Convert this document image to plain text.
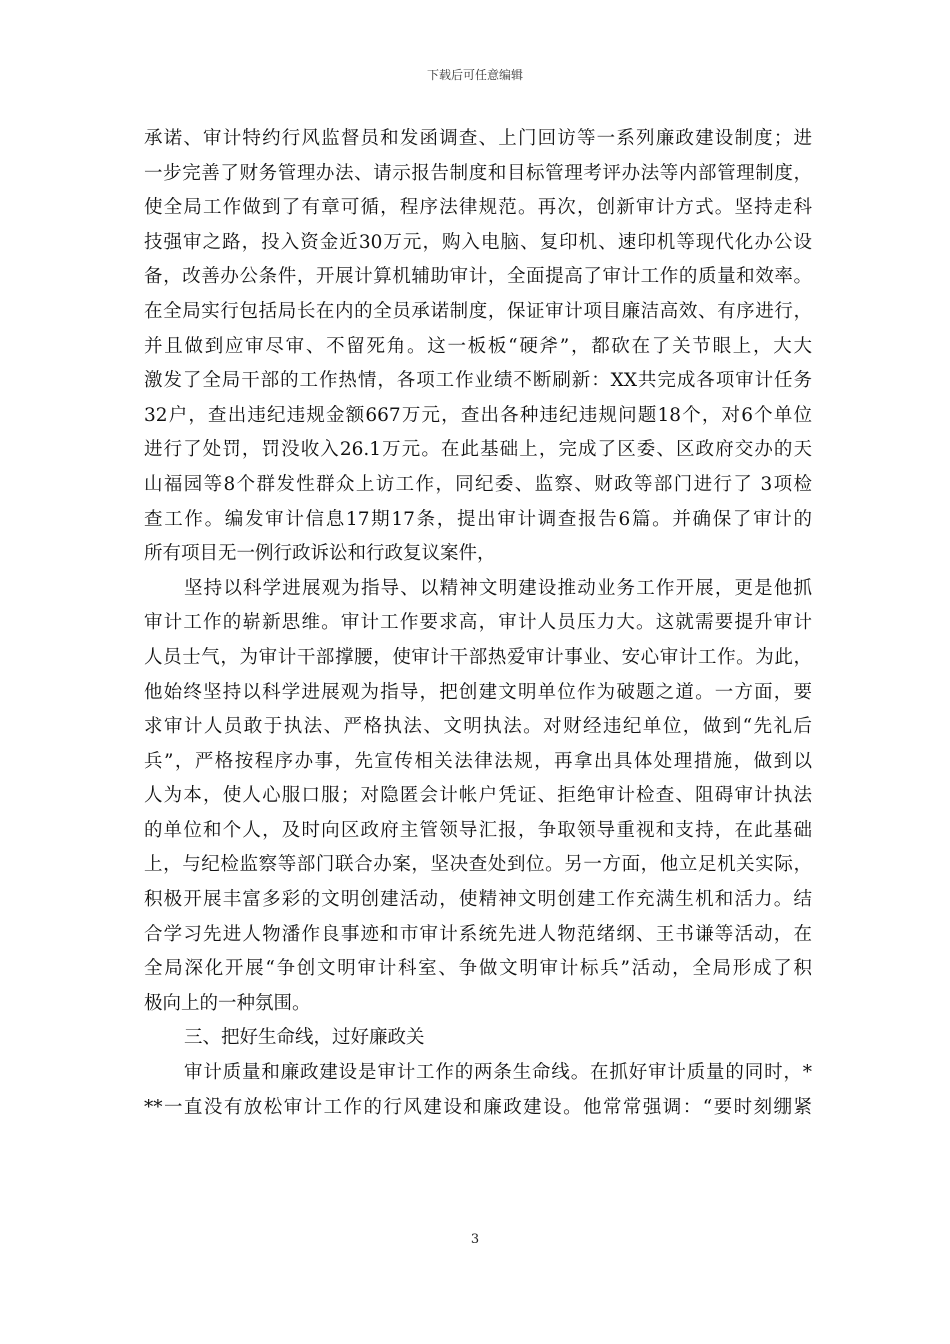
下载后可任意编辑
承诺、审计特约行风监督员和发函调查、上门回访等一系列廉政建设制度；进
一步完善了财务管理办法、请示报告制度和目标管理考评办法等内部管理制度，
使全局工作做到了有章可循，程序法律规范。再次，创新审计方式。坚持走科
技强审之路，投入资金近30万元，购入电脑、复印机、速印机等现代化办公设
备，改善办公条件，开展计算机辅助审计，全面提高了审计工作的质量和效率。
在全局实行包括局长在内的全员承诺制度，保证审计项目廉洁高效、有序进行，
并且做到应审尽审、不留死角。这一板板“硬斧”，都砍在了关节眼上，大大
激发了全局干部的工作热情，各项工作业绩不断刷新：XX共完成各项审计任务
32户，查出违纪违规金额667万元，查出各种违纪违规问题18个，对6个单位
进行了处罚，罚没收入26.1万元。在此基础上，完成了区委、区政府交办的天
山福园等8个群发性群众上访工作，同纪委、监察、财政等部门进行了 3项检
查工作。编发审计信息17期17条，提出审计调查报告6篇。并确保了审计的
所有项目无一例行政诉讼和行政复议案件，
坚持以科学进展观为指导、以精神文明建设推动业务工作开展，更是他抓
审计工作的崭新思维。审计工作要求高，审计人员压力大。这就需要提升审计
人员士气，为审计干部撑腰，使审计干部热爱审计事业、安心审计工作。为此，
他始终坚持以科学进展观为指导，把创建文明单位作为破题之道。一方面，要
求审计人员敢于执法、严格执法、文明执法。对财经违纪单位，做到“先礼后
兵”，严格按程序办事，先宣传相关法律法规，再拿出具体处理措施，做到以
人为本，使人心服口服；对隐匿会计帐户凭证、拒绝审计检查、阻碍审计执法
的单位和个人，及时向区政府主管领导汇报，争取领导重视和支持，在此基础
上，与纪检监察等部门联合办案，坚决查处到位。另一方面，他立足机关实际，
积极开展丰富多彩的文明创建活动，使精神文明创建工作充满生机和活力。结
合学习先进人物潘作良事迹和市审计系统先进人物范绪纲、王书谦等活动，在
全局深化开展“争创文明审计科室、争做文明审计标兵”活动，全局形成了积
极向上的一种氛围。
三、把好生命线，过好廉政关
审计质量和廉政建设是审计工作的两条生命线。在抓好审计质量的同时，*
**一直没有放松审计工作的行风建设和廉政建设。他常常强调：“要时刻绷紧
3
